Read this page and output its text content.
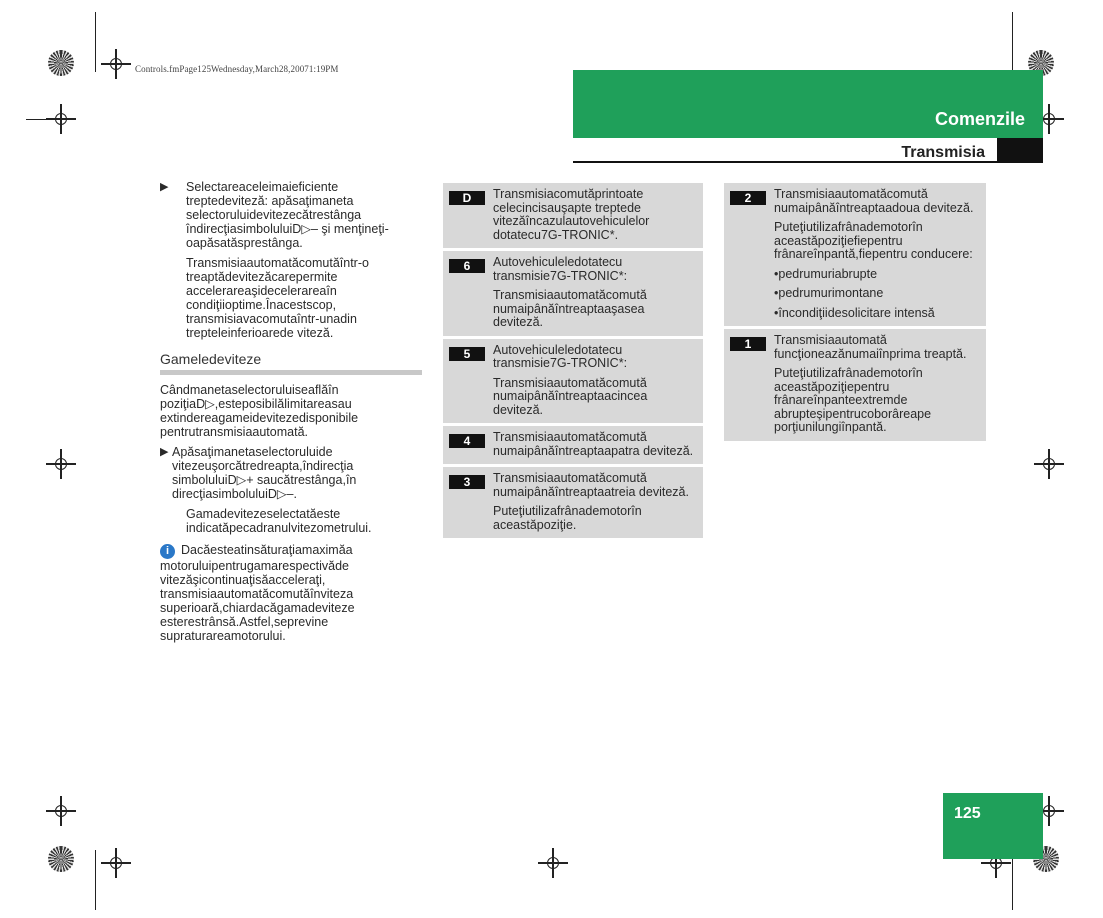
Controls.fmPage125Wednesday,March28,20071:19PM
Comenzile
Transmisia
▶	Selectareaceleimaieficiente treptedeviteză: apăsaţimaneta selectoruluidevitezecătrestânga îndirecţiasimboluluiD▷– şi menţineţi-oapăsatăsprestânga.

Transmisiaautomatăcomutăîntr-o treaptădevitezăcarepermite accelerareaşidecelerareaîn condiţiioptime.Înacestscop, transmisiavacomutaîntr-unadin trepteleinferioarede viteză.

Gameledeviteze

Cândmanetaselectoruluiseaflăîn poziţiaD▷,esteposibilălimitareasau extindereagameidevitezedisponibile pentrutransmisiaautomată.

▶ Apăsaţimanetaselectoruluide vitezeuşorcătredreapta,îndirecţia simboluluiD▷+ saucătrestânga,în direcţiasimboluluiD▷–.

Gamadevitezeselectatăeste indicatăpecadranulvitezometrului.

i Dacăesteatinsăturaţiamaximăa motoruluipentrugamarespectivăde vitezăşicontinuaţisăacceleraţi, transmisiaautomatăcomutăînviteza superioară,chiardacăgamadeviteze esterestrânsă.Astfel,seprevine supraturareamotorului.

D	Transmisiacomutăprintoate celecincisauşapte treptede vitezăîncazulautovehiculelor dotatecu7G-TRONIC*.

6	Autovehiculeledotatecu transmisie7G-TRONIC*:

Transmisiaautomatăcomută numaipânăîntreaptaaşasea deviteză.

5	Autovehiculeledotatecu transmisie7G-TRONIC*:

Transmisiaautomatăcomută numaipânăîntreaptaacincea deviteză.

4	Transmisiaautomatăcomută numaipânăîntreaptaapatra deviteză.

3	Transmisiaautomatăcomută numaipânăîntreaptaatreia deviteză.

Puteţiutilizafrânademotorîn aceastăpoziţie.

2	Transmisiaautomatăcomută numaipânăîntreaptaadoua deviteză.

Puteţiutilizafrânademotorîn aceastăpoziţiefiepentru frânareînpantă,fiepentru conducere:

•pedrumuriabrupte

•pedrumurimontane

•încondiţiidesolicitare intensă

1	Transmisiaautomată funcţioneazănumaiînprima treaptă.

Puteţiutilizafrânademotorîn aceastăpoziţiepentru frânareînpanteextremde abrupteşipentrucoborâreape porţiunilungiînpantă.

125
